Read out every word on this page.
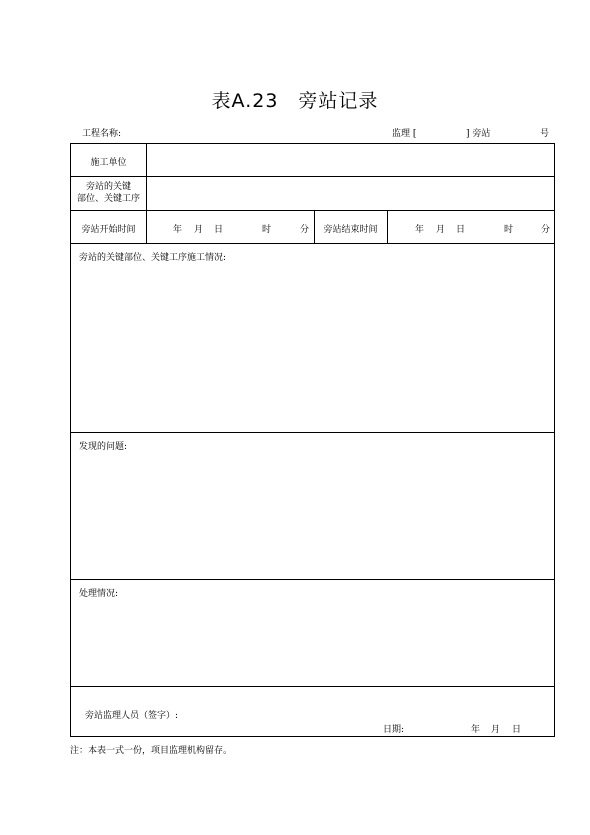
表A.23　旁站记录
工程名称:	监理 [	] 旁站	号
施工单位
旁站的关键
部位、关键工序
旁站开始时间	年 月 日	时	分	旁站结束时间	年 月 日	时	分
旁站的关键部位、关键工序施工情况:
发现的问题:
处理情况:
旁站监理人员（签字）:
日期:	年 月 日
注：本表一式一份，项目监理机构留存。
